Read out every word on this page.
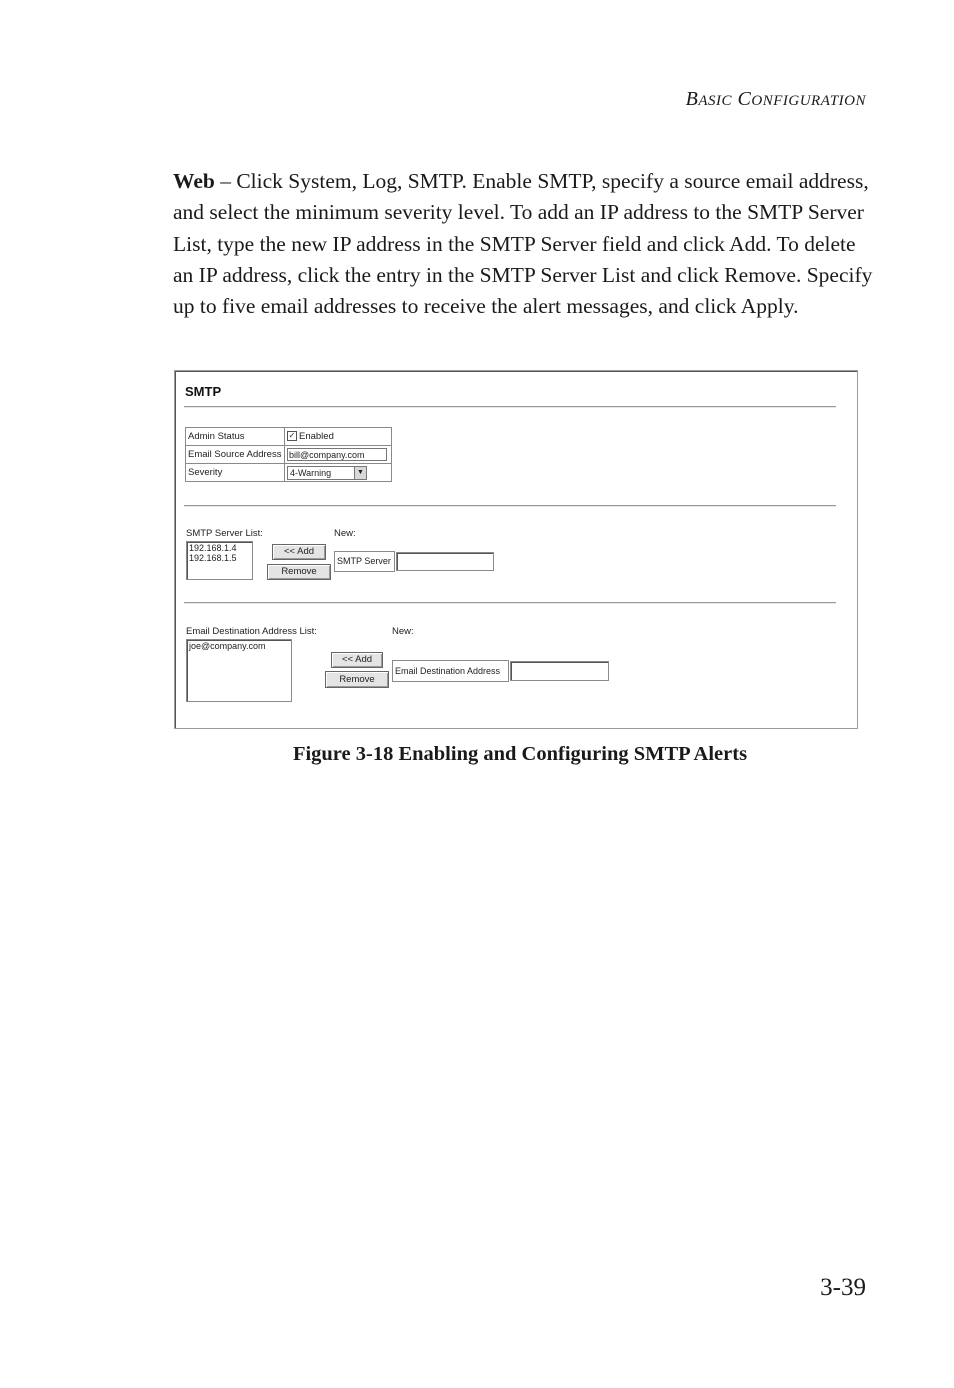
BASIC CONFIGURATION
Web – Click System, Log, SMTP. Enable SMTP, specify a source email address, and select the minimum severity level. To add an IP address to the SMTP Server List, type the new IP address in the SMTP Server field and click Add. To delete an IP address, click the entry in the SMTP Server List and click Remove. Specify up to five email addresses to receive the alert messages, and click Apply.
SMTP
Admin Status	✓ Enabled
Email Source Address	bill@company.com
Severity	4-Warning ▼
SMTP Server List:	New:
192.168.1.4
192.168.1.5
<< Add
Remove
SMTP Server
Email Destination Address List:	New:
joe@company.com
<< Add
Remove
Email Destination Address
Figure 3-18 Enabling and Configuring SMTP Alerts
3-39
